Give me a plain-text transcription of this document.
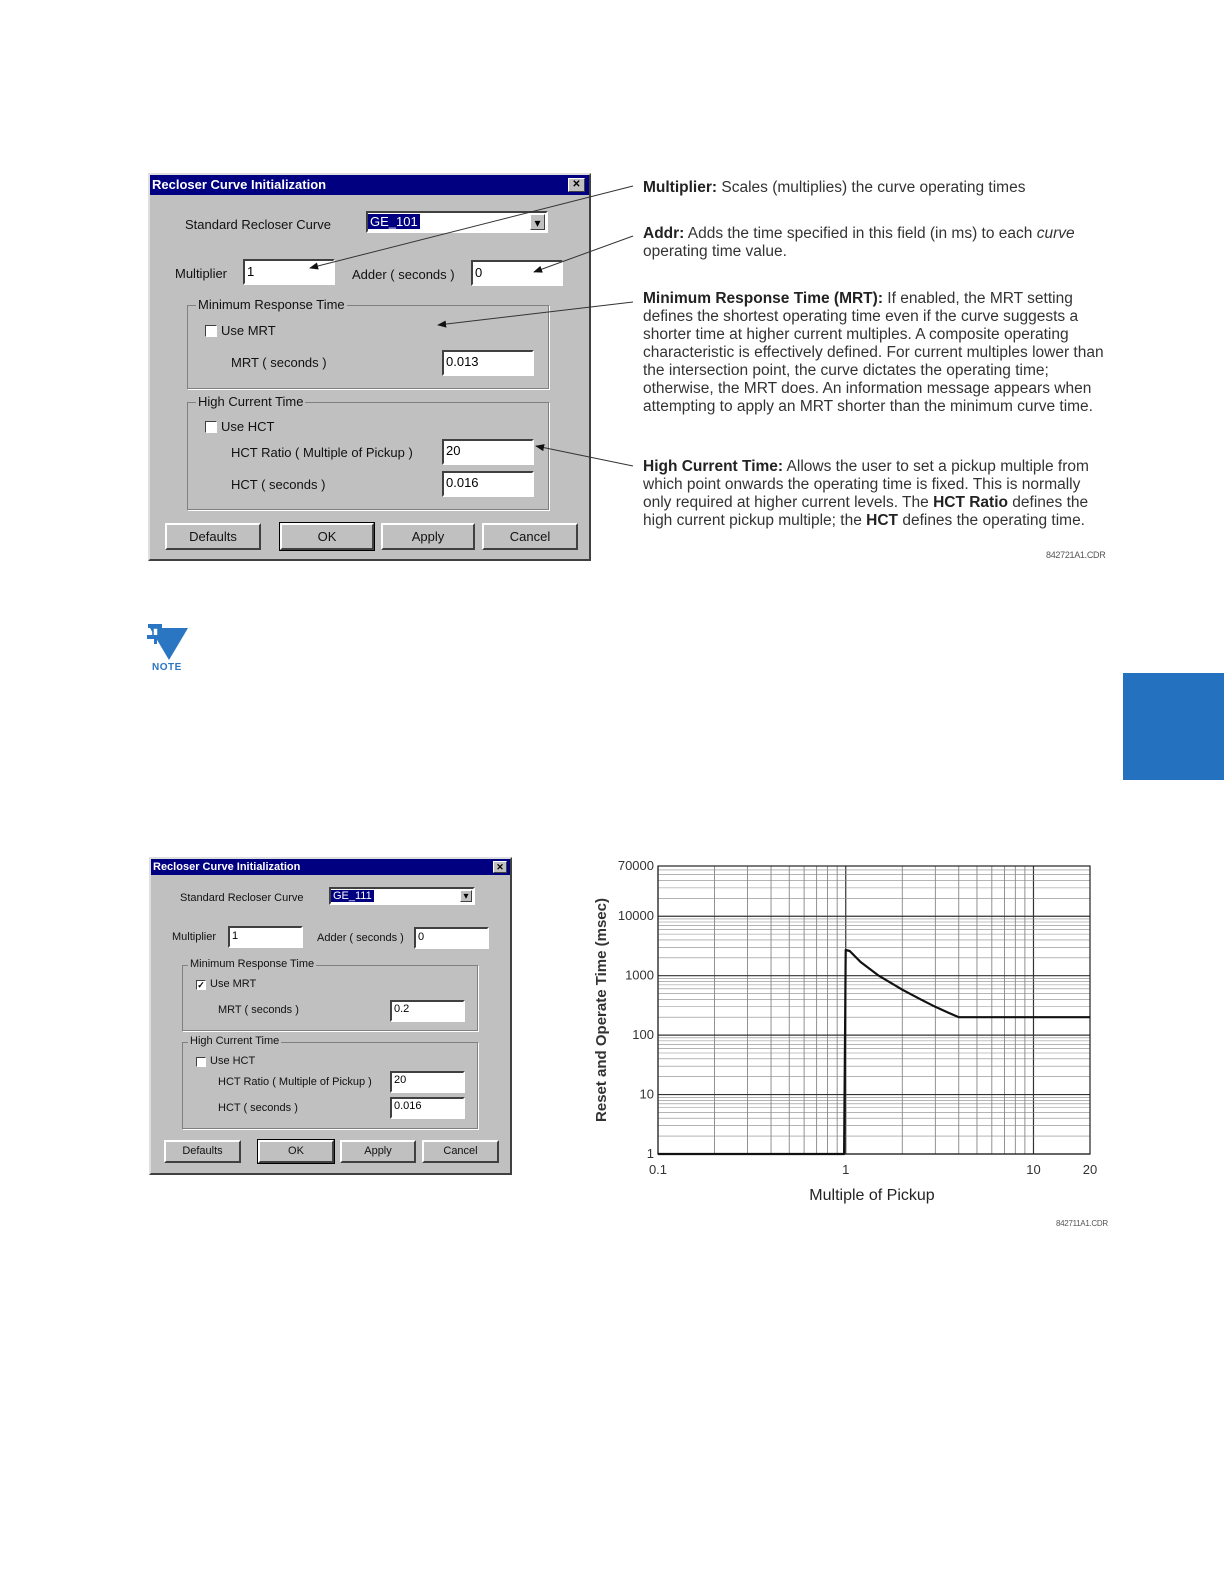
Recloser Curve Initialization	✕
Standard Recloser Curve	GE_101	▾
Multiplier	1	Adder ( seconds )	0
Minimum Response Time
Use MRT
MRT ( seconds )	0.013
High Current Time
Use HCT
HCT Ratio ( Multiple of Pickup )	20
HCT ( seconds )	0.016
Defaults	OK	Apply	Cancel
Multiplier: Scales (multiplies) the curve operating times
Addr: Adds the time specified in this field (in ms) to each curve operating time value.
Minimum Response Time (MRT): If enabled, the MRT setting defines the shortest operating time even if the curve suggests a shorter time at higher current multiples. A composite operating characteristic is effectively defined. For current multiples lower than the intersection point, the curve dictates the operating time; otherwise, the MRT does. An information message appears when attempting to apply an MRT shorter than the minimum curve time.
High Current Time: Allows the user to set a pickup multiple from which point onwards the operating time is fixed. This is normally only required at higher current levels. The HCT Ratio defines the high current pickup multiple; the HCT defines the operating time.
842721A1.CDR
NOTE
Recloser Curve Initialization	✕
Standard Recloser Curve	GE_111	▾
Multiplier	1	Adder ( seconds )	0
Minimum Response Time
✓ Use MRT
MRT ( seconds )	0.2
High Current Time
Use HCT
HCT Ratio ( Multiple of Pickup )	20
HCT ( seconds )	0.016
Defaults	OK	Apply	Cancel
0.1	1	10	20
1
10
100
1000
10000
70000
Multiple of Pickup
Reset and Operate Time (msec)
842711A1.CDR
